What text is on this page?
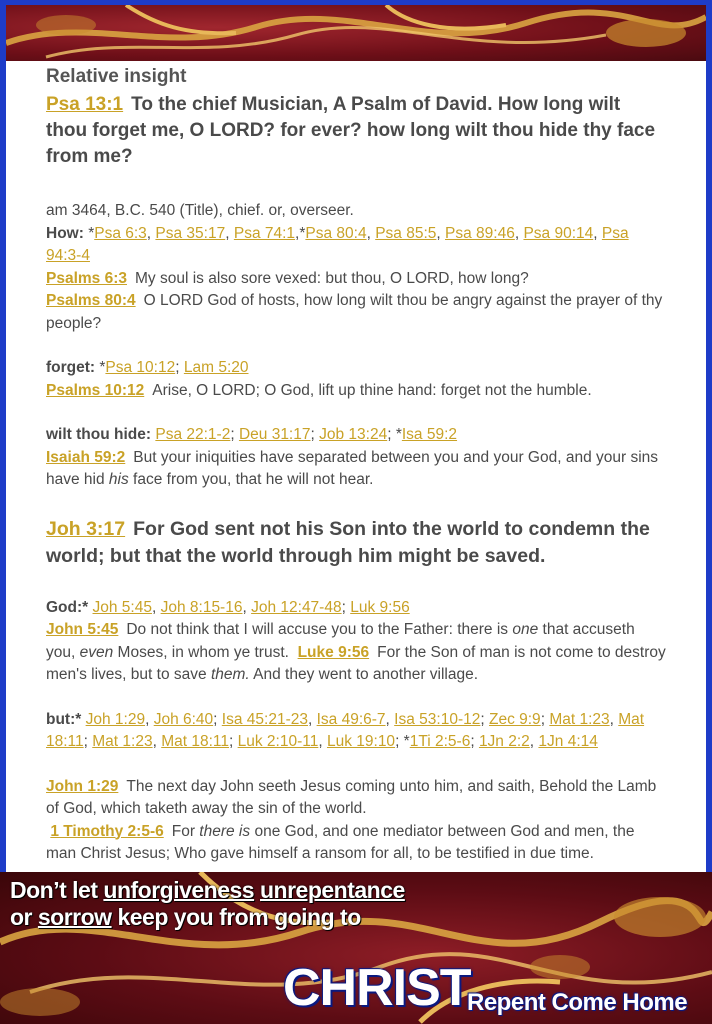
Relative insight
Psa 13:1 To the chief Musician, A Psalm of David. How long wilt thou forget me, O LORD? for ever? how long wilt thou hide thy face from me?

am 3464, B.C. 540 (Title), chief. or, overseer.

How: *Psa 6:3, Psa 35:17, Psa 74:1,*Psa 80:4, Psa 85:5, Psa 89:46, Psa 90:14, Psa 94:3-4

Psalms 6:3 My soul is also sore vexed: but thou, O LORD, how long?

Psalms 80:4 O LORD God of hosts, how long wilt thou be angry against the prayer of thy people?

forget: *Psa 10:12; Lam 5:20

Psalms 10:12 Arise, O LORD; O God, lift up thine hand: forget not the humble.

wilt thou hide: Psa 22:1-2; Deu 31:17; Job 13:24; *Isa 59:2

Isaiah 59:2 But your iniquities have separated between you and your God, and your sins have hid his face from you, that he will not hear.

Joh 3:17 For God sent not his Son into the world to condemn the world; but that the world through him might be saved.

God:* Joh 5:45, Joh 8:15-16, Joh 12:47-48; Luk 9:56

John 5:45 Do not think that I will accuse you to the Father: there is one that accuseth you, even Moses, in whom ye trust. Luke 9:56 For the Son of man is not come to destroy men's lives, but to save them. And they went to another village.

but:* Joh 1:29, Joh 6:40; Isa 45:21-23, Isa 49:6-7, Isa 53:10-12; Zec 9:9; Mat 1:23, Mat 18:11; Mat 1:23, Mat 18:11; Luk 2:10-11, Luk 19:10; *1Ti 2:5-6; 1Jn 2:2, 1Jn 4:14

John 1:29 The next day John seeth Jesus coming unto him, and saith, Behold the Lamb of God, which taketh away the sin of the world.

1 Timothy 2:5-6 For there is one God, and one mediator between God and men, the man Christ Jesus; Who gave himself a ransom for all, to be testified in due time.

Don’t let unforgiveness unrepentance
or sorrow keep you from going to
CHRIST
Repent Come Home
